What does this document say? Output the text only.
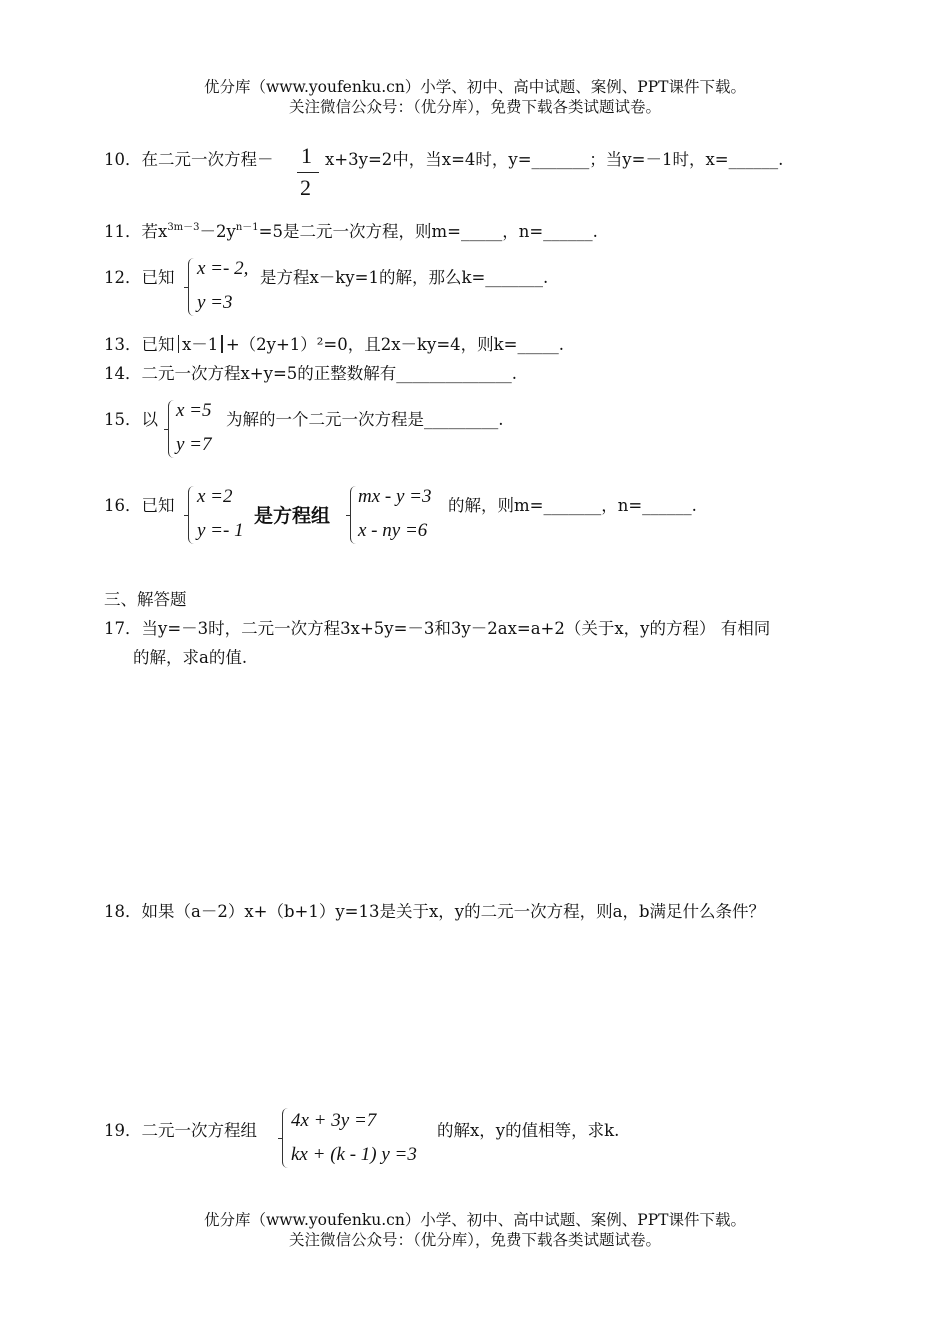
优分库（www.youfenku.cn）小学、初中、高中试题、案例、PPT课件下载。
关注微信公众号：（优分库），免费下载各类试题试卷。
10．在二元一次方程－ 1
2
x+3y=2中，当x=4时，y=_______；当y=－1时，x=______.
11．若$x^{3m-3}-2y^{n-1}=5$是二元一次方程，则m=_____，n=______.
12．已知 x =- 2,
y =3
是方程x－ky=1的解，那么k=_______.
13．已知 x－1 +（2y+1）²=0，且2x－ky=4，则k=_____.
14．二元一次方程x+y=5的正整数解有______________.
15．以 x =5
y =7
为解的一个二元一次方程是_________.
16．已知 x =2
y =- 1
是方程组
mx - y =3
x - ny =6
的解，则m=_______，n=______.
三、解答题
17．当y=－3时，二元一次方程3x+5y=－3和3y－2ax=a+2（关于x，y的方程） 有相同
的解，求a的值.
18．如果（a－2）x+（b+1）y=13是关于x，y的二元一次方程，则a，b满足什么条件？
19．二元一次方程组 4x + 3y =7
kx + (k - 1) y =3
的解x，y的值相等，求k.
优分库（www.youfenku.cn）小学、初中、高中试题、案例、PPT课件下载。
关注微信公众号：（优分库），免费下载各类试题试卷。
